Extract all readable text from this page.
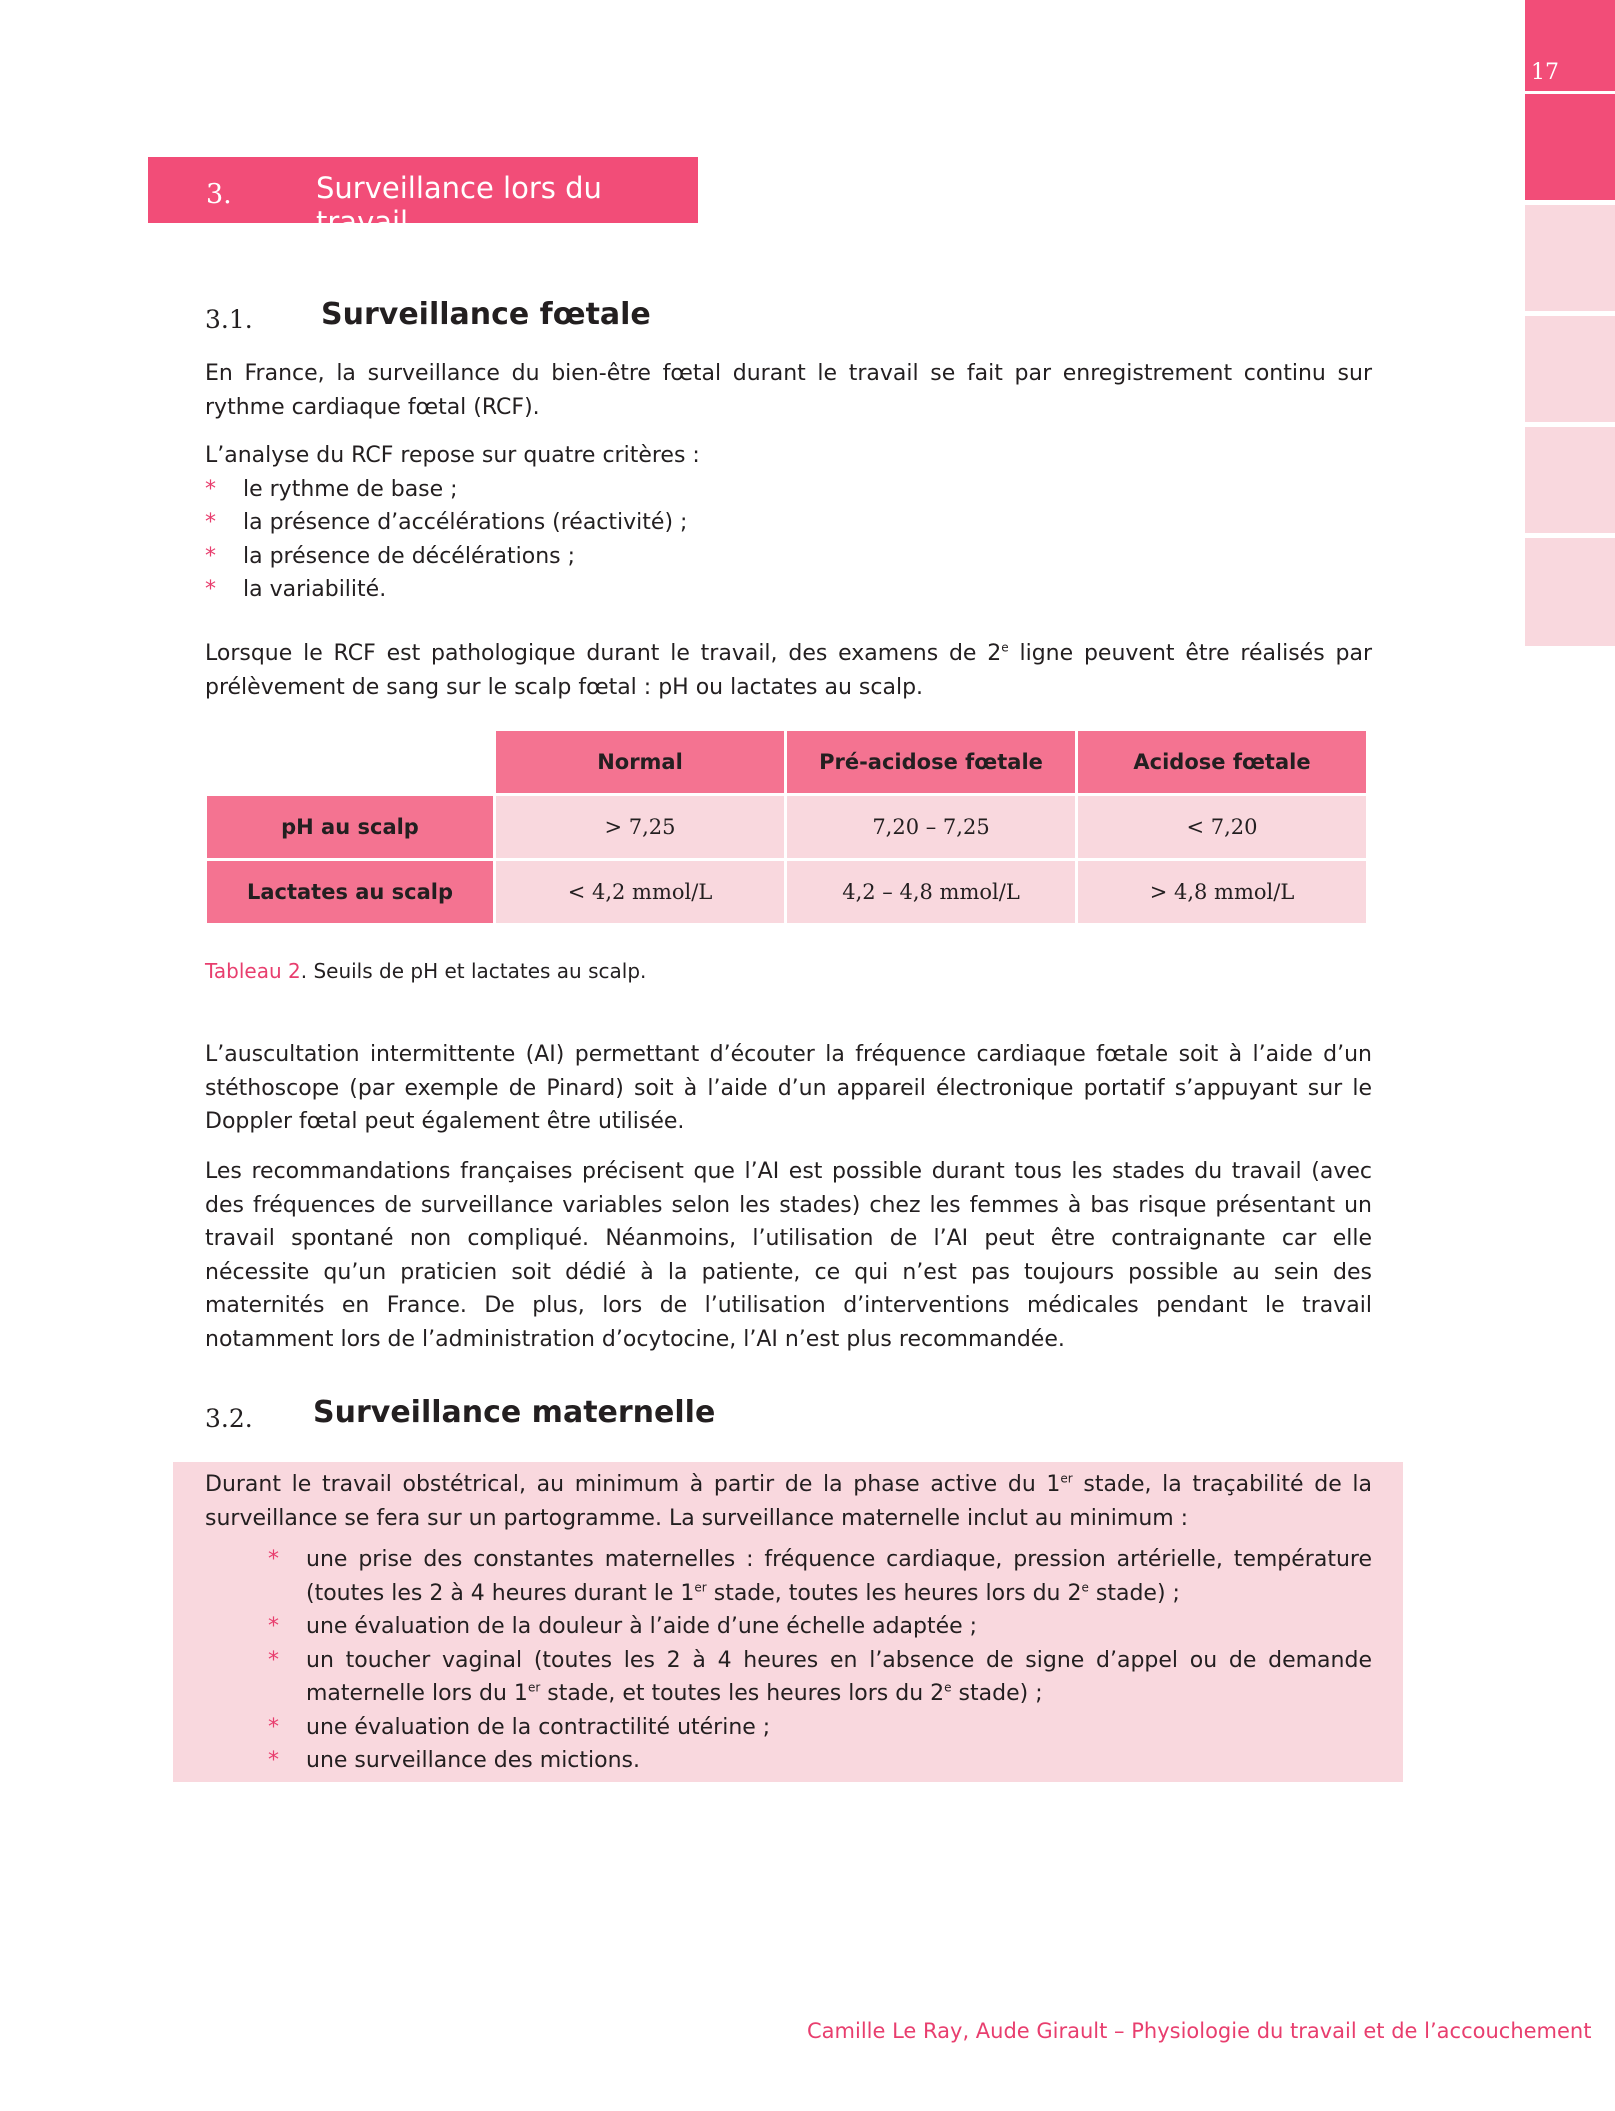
17
3.	Surveillance lors du travail
3.1. Surveillance fœtale
En France, la surveillance du bien-être fœtal durant le travail se fait par enregistrement continu sur rythme cardiaque fœtal (RCF).
L’analyse du RCF repose sur quatre critères :
* le rythme de base ;
* la présence d’accélérations (réactivité) ;
* la présence de décélérations ;
* la variabilité.
Lorsque le RCF est pathologique durant le travail, des examens de 2e ligne peuvent être réalisés par prélèvement de sang sur le scalp fœtal : pH ou lactates au scalp.
	Normal	Pré-acidose fœtale	Acidose fœtale
pH au scalp	> 7,25	7,20 – 7,25	< 7,20
Lactates au scalp	< 4,2 mmol/L	4,2 – 4,8 mmol/L	> 4,8 mmol/L
Tableau 2. Seuils de pH et lactates au scalp.
L’auscultation intermittente (AI) permettant d’écouter la fréquence cardiaque fœtale soit à l’aide d’un stéthoscope (par exemple de Pinard) soit à l’aide d’un appareil électronique portatif s’appuyant sur le Doppler fœtal peut également être utilisée.
Les recommandations françaises précisent que l’AI est possible durant tous les stades du travail (avec des fréquences de surveillance variables selon les stades) chez les femmes à bas risque présentant un travail spontané non compliqué. Néanmoins, l’utilisation de l’AI peut être contraignante car elle nécessite qu’un praticien soit dédié à la patiente, ce qui n’est pas toujours possible au sein des maternités en France. De plus, lors de l’utilisation d’interventions médicales pendant le travail notamment lors de l’administration d’ocytocine, l’AI n’est plus recommandée.
3.2. Surveillance maternelle
Durant le travail obstétrical, au minimum à partir de la phase active du 1er stade, la traçabilité de la surveillance se fera sur un partogramme. La surveillance maternelle inclut au minimum :
* une prise des constantes maternelles : fréquence cardiaque, pression artérielle, température (toutes les 2 à 4 heures durant le 1er stade, toutes les heures lors du 2e stade) ;
* une évaluation de la douleur à l’aide d’une échelle adaptée ;
* un toucher vaginal (toutes les 2 à 4 heures en l’absence de signe d’appel ou de demande maternelle lors du 1er stade, et toutes les heures lors du 2e stade) ;
* une évaluation de la contractilité utérine ;
* une surveillance des mictions.
Camille Le Ray, Aude Girault – Physiologie du travail et de l’accouchement
